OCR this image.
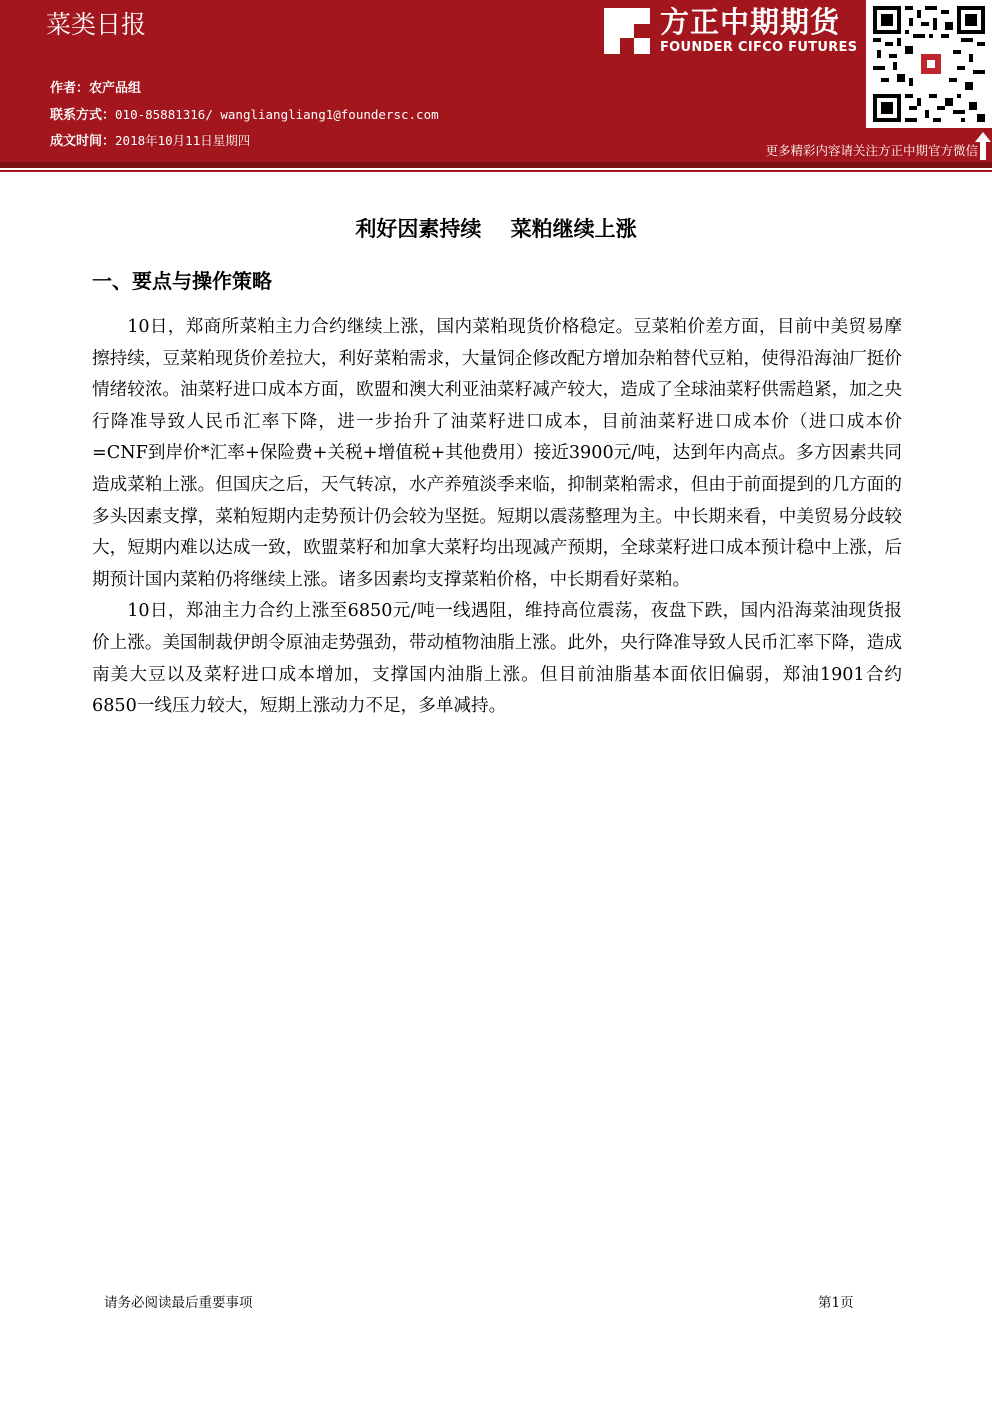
菜类日报
作者：农产品组
联系方式：010-85881316/ wangliangliang1@foundersc.com
成文时间：2018年10月11日星期四
方正中期期货
FOUNDER CIFCO FUTURES
更多精彩内容请关注方正中期官方微信
利好因素持续    菜粕继续上涨
一、要点与操作策略

10日，郑商所菜粕主力合约继续上涨，国内菜粕现货价格稳定。豆菜粕价差方面，目前中美贸易摩擦持续，豆菜粕现货价差拉大，利好菜粕需求，大量饲企修改配方增加杂粕替代豆粕，使得沿海油厂挺价情绪较浓。油菜籽进口成本方面，欧盟和澳大利亚油菜籽减产较大，造成了全球油菜籽供需趋紧，加之央行降准导致人民币汇率下降，进一步抬升了油菜籽进口成本，目前油菜籽进口成本价（进口成本价=CNF到岸价*汇率+保险费+关税+增值税+其他费用）接近3900元/吨，达到年内高点。多方因素共同造成菜粕上涨。但国庆之后，天气转凉，水产养殖淡季来临，抑制菜粕需求，但由于前面提到的几方面的多头因素支撑，菜粕短期内走势预计仍会较为坚挺。短期以震荡整理为主。中长期来看，中美贸易分歧较大，短期内难以达成一致，欧盟菜籽和加拿大菜籽均出现减产预期，全球菜籽进口成本预计稳中上涨，后期预计国内菜粕仍将继续上涨。诸多因素均支撑菜粕价格，中长期看好菜粕。

10日，郑油主力合约上涨至6850元/吨一线遇阻，维持高位震荡，夜盘下跌，国内沿海菜油现货报价上涨。美国制裁伊朗令原油走势强劲，带动植物油脂上涨。此外，央行降准导致人民币汇率下降，造成南美大豆以及菜籽进口成本增加，支撑国内油脂上涨。但目前油脂基本面依旧偏弱，郑油1901合约6850一线压力较大，短期上涨动力不足，多单减持。

请务必阅读最后重要事项	第1页
